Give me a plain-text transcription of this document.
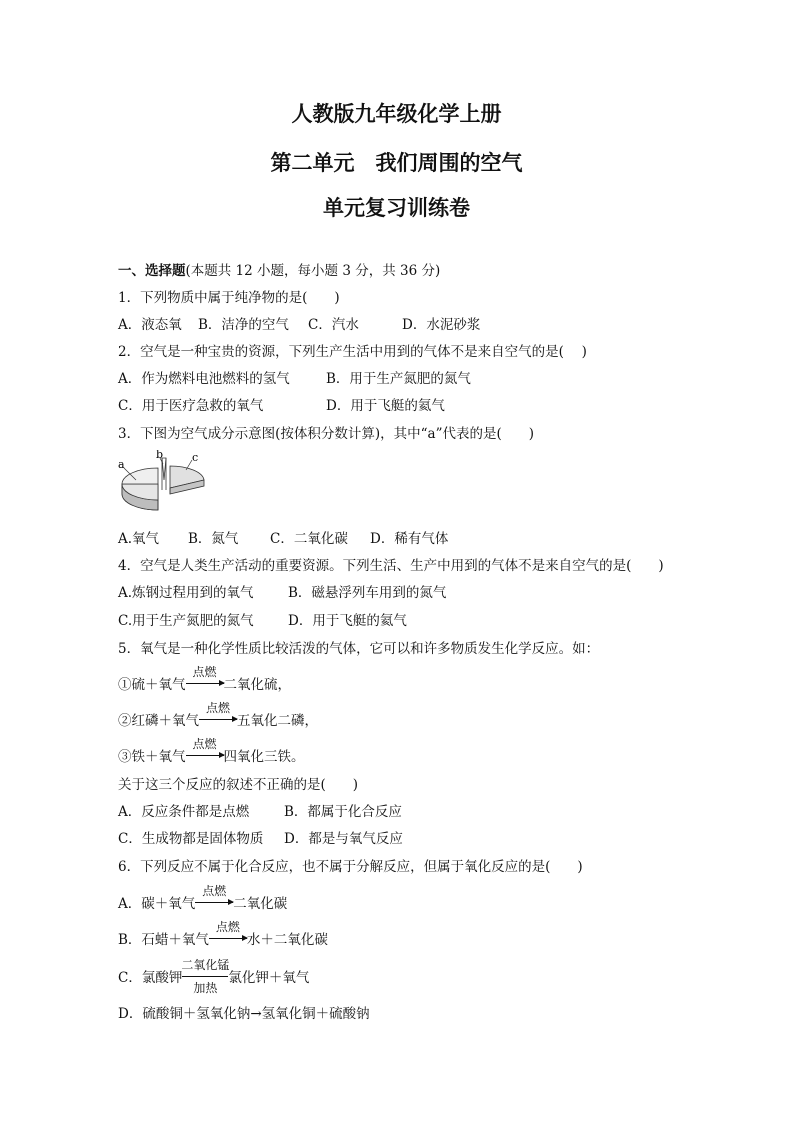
人教版九年级化学上册
第二单元　我们周围的空气
单元复习训练卷
一、选择题(本题共 12 小题，每小题 3 分，共 36 分)
1．下列物质中属于纯净物的是(　　)
A．液态氧 B．洁净的空气 C．汽水	D．水泥砂浆
2．空气是一种宝贵的资源，下列生产生活中用到的气体不是来自空气的是(　 )
A．作为燃料电池燃料的氢气	B．用于生产氮肥的氮气
C．用于医疗急救的氧气	D．用于飞艇的氦气
3．下图为空气成分示意图(按体积分数计算)，其中“a”代表的是(　　)
a
b	c
A.氧气 B．氮气 C．二氧化碳 D．稀有气体
4．空气是人类生产活动的重要资源。下列生活、生产中用到的气体不是来自空气的是(　　)
A.炼钢过程用到的氧气	B．磁悬浮列车用到的氮气
C.用于生产氮肥的氮气	D．用于飞艇的氦气
5．氧气是一种化学性质比较活泼的气体，它可以和许多物质发生化学反应。如：
①硫＋氧气
点燃
二氧化硫，
②红磷＋氧气
点燃
五氧化二磷，
③铁＋氧气
点燃
四氧化三铁。
关于这三个反应的叙述不正确的是(　　)
A．反应条件都是点燃	B．都属于化合反应
C．生成物都是固体物质 D．都是与氧气反应
6．下列反应不属于化合反应，也不属于分解反应，但属于氧化反应的是(　　)
A．碳＋氧气
点燃
二氧化碳
B．石蜡＋氧气
点燃
水＋二氧化碳
C．氯酸钾
二氧化锰
加热
氯化钾＋氧气
D．硫酸铜＋氢氧化钠→氢氧化铜＋硫酸钠
